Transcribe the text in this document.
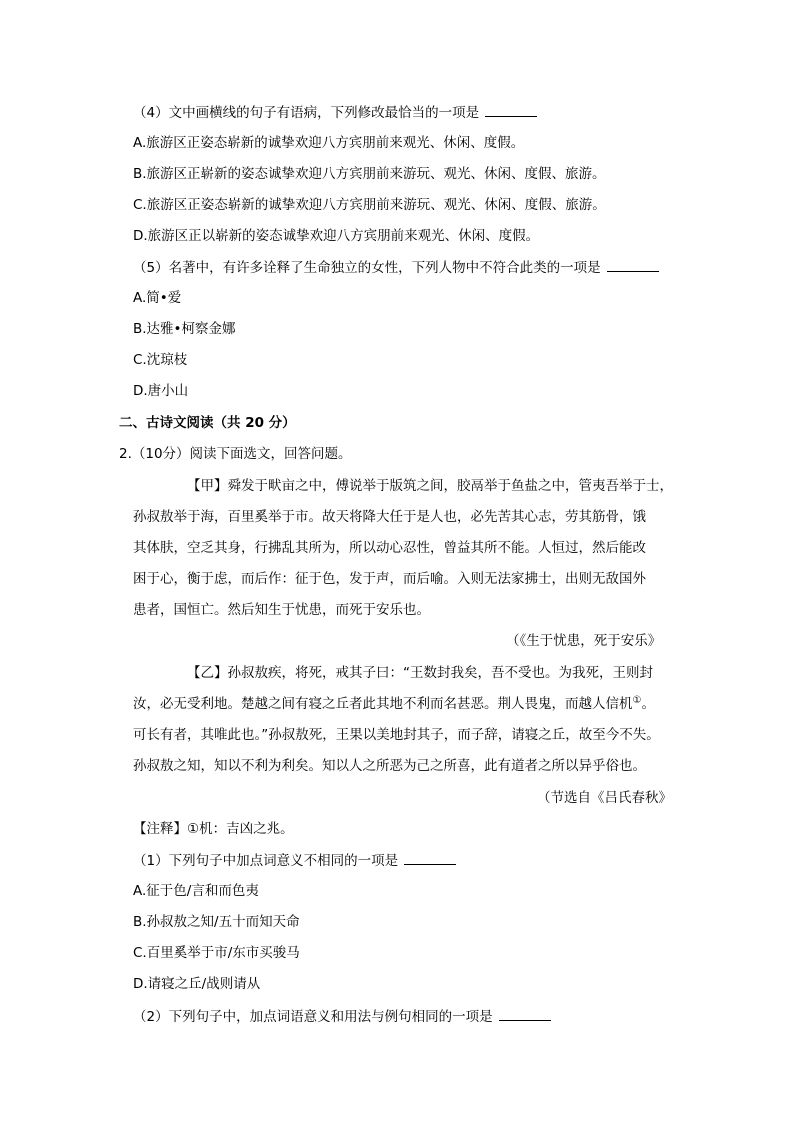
（4）文中画横线的句子有语病，下列修改最恰当的一项是
A.旅游区正姿态崭新的诚挚欢迎八方宾朋前来观光、休闲、度假。
B.旅游区正崭新的姿态诚挚欢迎八方宾朋前来游玩、观光、休闲、度假、旅游。
C.旅游区正姿态崭新的诚挚欢迎八方宾朋前来游玩、观光、休闲、度假、旅游。
D.旅游区正以崭新的姿态诚挚欢迎八方宾朋前来观光、休闲、度假。
（5）名著中，有许多诠释了生命独立的女性，下列人物中不符合此类的一项是
A.简•爱
B.达雅•柯察金娜
C.沈琼枝
D.唐小山
二、古诗文阅读（共 20 分）
2.（10分）阅读下面选文，回答问题。
【甲】舜发于畎亩之中，傅说举于版筑之间，胶鬲举于鱼盐之中，管夷吾举于士，
孙叔敖举于海，百里奚举于市。故天将降大任于是人也，必先苦其心志，劳其筋骨，饿
其体肤，空乏其身，行拂乱其所为，所以动心忍性，曾益其所不能。人恒过，然后能改
困于心，衡于虑，而后作：征于色，发于声，而后喻。入则无法家拂士，出则无敌国外
患者，国恒亡。然后知生于忧患，而死于安乐也。
（《生于忧患，死于安乐》
【乙】孙叔敖疾，将死，戒其子曰：“王数封我矣，吾不受也。为我死，王则封
汝，必无受利地。楚越之间有寝之丘者此其地不利而名甚恶。荆人畏鬼，而越人信机①。
可长有者，其唯此也。”孙叔敖死，王果以美地封其子，而子辞，请寝之丘，故至今不失。
孙叔敖之知，知以不利为利矣。知以人之所恶为己之所喜，此有道者之所以异乎俗也。
（节选自《吕氏春秋》
【注释】①机：吉凶之兆。
（1）下列句子中加点词意义不相同的一项是
A.征于色/言和而色夷
B.孙叔敖之知/五十而知天命
C.百里奚举于市/东市买骏马
D.请寝之丘/战则请从
（2）下列句子中，加点词语意义和用法与例句相同的一项是
